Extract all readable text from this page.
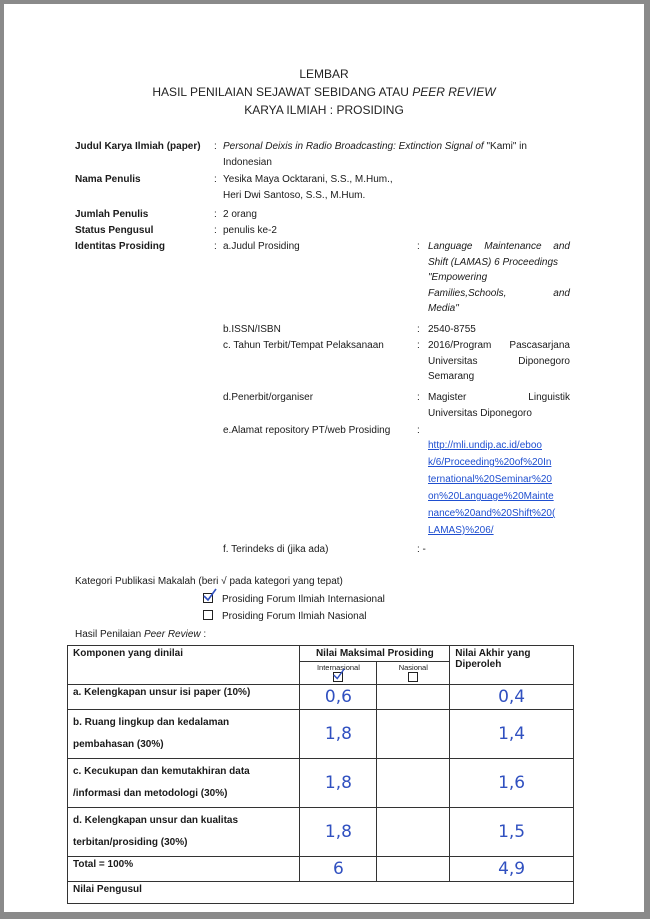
LEMBAR
HASIL PENILAIAN SEJAWAT SEBIDANG ATAU PEER REVIEW
KARYA ILMIAH : PROSIDING
Judul Karya Ilmiah (paper) : Personal Deixis in Radio Broadcasting: Extinction Signal of "Kami" in Indonesian
Nama Penulis	: Yesika Maya Ocktarani, S.S., M.Hum.,
Heri Dwi Santoso, S.S., M.Hum.
Jumlah Penulis	: 2 orang
Status Pengusul	: penulis ke-2
Identitas Prosiding	: a.Judul Prosiding	: Language Maintenance and
Shift (LAMAS) 6 Proceedings
"Empowering
Families,Schools, and
Media"
b.ISSN/ISBN	: 2540-8755
c. Tahun Terbit/Tempat Pelaksanaan	: 2016/Program Pascasarjana
Universitas Diponegoro
Semarang
d.Penerbit/organiser	: Magister Linguistik
Universitas Diponegoro
e.Alamat repository PT/web Prosiding	:
http://mli.undip.ac.id/eboo
k/6/Proceeding%20of%20In
ternational%20Seminar%20
on%20Language%20Mainte
nance%20and%20Shift%20(
LAMAS)%206/
f. Terindeks di (jika ada)	: -
Kategori Publikasi Makalah (beri √ pada kategori yang tepat)
Prosiding Forum Ilmiah Internasional
Prosiding Forum Ilmiah Nasional
Hasil Penilaian Peer Review :
Komponen yang dinilai	Nilai Maksimal Prosiding		Nilai Akhir yang Diperoleh

	Internasional	Nasional	

a. Kelengkapan unsur isi paper (10%)	0,6		0,4

b. Ruang lingkup dan kedalaman
pembahasan (30%)	1,8		1,4

c. Kecukupan dan kemutakhiran data
/informasi dan metodologi (30%)	1,8		1,6

d. Kelengkapan unsur dan kualitas
terbitan/prosiding (30%)	1,8		1,5
Total = 100%	6		4,9
Nilai Pengusul			
